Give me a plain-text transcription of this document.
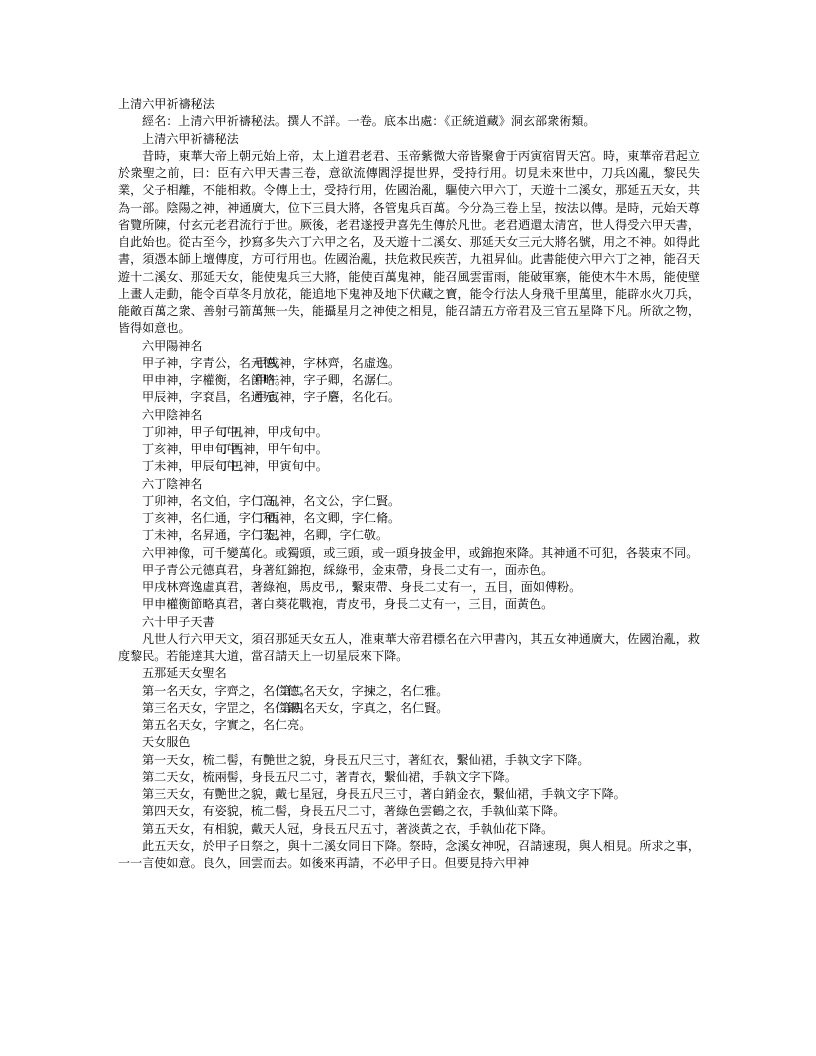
上清六甲祈禱秘法
經名：上清六甲祈禱秘法。撰人不詳。一卷。底本出處：《正統道藏》洞玄部衆術類。
上清六甲祈禱秘法
昔時，東華大帝上朝元始上帝，太上道君老君、玉帝紫微大帝皆聚會于丙寅宿胃天宮。時，東華帝君起立於衆聖之前，曰：臣有六甲天書三卷，意欲流傳閻浮提世界，受持行用。切見未來世中，刀兵凶亂，黎民失業，父子相離，不能相救。令傳上士，受持行用，佐國治亂，驅使六甲六丁，天遊十二溪女，那延五天女，共為一部。陰陽之神，神通廣大，位下三員大將，各管鬼兵百萬。今分為三卷上呈，按法以傳。是時，元始天尊省覽所陳，付玄元老君流行于世。厥後，老君遂授尹喜先生傳於凡世。老君迺還太清宮，世人得受六甲天書，自此始也。從古至今，抄寫多失六丁六甲之名，及天遊十二溪女、那延天女三元大將名號，用之不神。如得此書，須憑本師上壇傳度，方可行用也。佐國治亂，扶危救民疾苦，九祖昇仙。此書能使六甲六丁之神，能召天遊十二溪女、那延天女，能使鬼兵三大將，能使百萬鬼神，能召風雲雷雨，能破軍寨，能使木牛木馬，能使壁上畫人走動，能令百草冬月放花，能追地下鬼神及地下伏藏之寶，能令行法人身飛千里萬里，能辟水火刀兵，能敵百萬之衆、善射弓箭萬無一失，能攝星月之神使之相見，能召請五方帝君及三官五星降下凡。所欲之物，皆得如意也。
六甲陽神名
甲子神，字青公，名元德。
甲戌神，字林齊，名虛逸。
甲申神，字權衡，名節略。
甲午神，字子卿，名潺仁。
甲辰神，字袞昌，名通元。
甲寅神，字子麏，名化石。
六甲陰神名
丁卯神，甲子旬中。
丁丑神，甲戌旬中。
丁亥神，甲申旬中。
丁酉神，甲午旬中。
丁未神，甲辰旬中。
丁巳神，甲寅旬中。
六丁陰神名
丁卯神，名文伯，字仁高。
丁丑神，名文公，字仁賢。
丁亥神，名仁通，字仁和。
丁酉神，名文卿，字仁脩。
丁未神，名昇通，字仁恭。
丁巳神，名卿，字仁敬。
六甲神像，可千變萬化。或獨頭，或三頭，或一頭身披金甲，或錦抱來降。其神通不可犯，各裝束不同。
甲子青公元德真君，身著紅錦抱，綵綠弔，金束帶，身長二丈有一，面赤色。
甲戌林齊逸虛真君，著綠袍，馬皮弔,，繫束帶、身長二丈有一，五目，面如傅粉。
甲申權衡節略真君，著白葵花戰袍，青皮弔，身長二丈有一，三目，面黃色。
六十甲子天書
凡世人行六甲天文，須召那延天女五人，准東華大帝君標名在六甲書內，其五女神通廣大，佐國治亂，救度黎民。若能達其大道，當召請天上一切星辰來下降。
五那延天女聖名
第一名天女，字齊之，名仁德。
第二名天女，字揀之，名仁雅。
第三名天女，字罡之，名仁錫。
第四名天女，字真之，名仁賢。
第五名天女，字實之，名仁亮。
天女服色
第一天女，梳二髻，有艷世之貌，身長五尺三寸，著紅衣，繫仙裙，手執文字下降。
第二天女，梳兩髻，身長五尺二寸，著青衣，繫仙裙，手執文字下降。
第三天女，有艷世之貌，戴七星冠，身長五尺三寸，著白銷金衣，繫仙裙，手執文字下降。
第四天女，有姿貌，梳二髻，身長五尺二寸，著綠色雲鶴之衣，手執仙菜下降。
第五天女，有相貌，戴天人冠，身長五尺五寸，著淡黃之衣，手執仙花下降。
此五天女，於甲子日祭之，與十二溪女同日下降。祭時，念溪女神呪，召請速現，與人相見。所求之事，一一言使如意。良久，回雲而去。如後來再請，不必甲子日。但要見持六甲神
